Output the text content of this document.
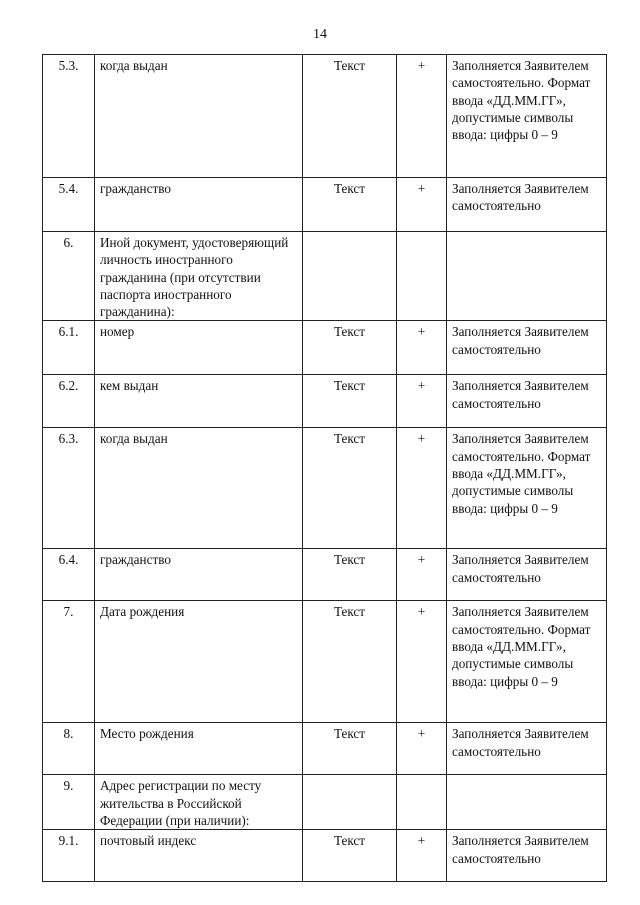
14
5.3.	когда выдан	Текст	+	Заполняется Заявителем самостоятельно. Формат ввода «ДД.ММ.ГГ», допустимые символы ввода: цифры 0 – 9
5.4.	гражданство	Текст	+	Заполняется Заявителем самостоятельно
6.	Иной документ, удостоверяющий личность иностранного гражданина (при отсутствии паспорта иностранного гражданина):			
6.1.	номер	Текст	+	Заполняется Заявителем самостоятельно
6.2.	кем выдан	Текст	+	Заполняется Заявителем самостоятельно
6.3.	когда выдан	Текст	+	Заполняется Заявителем самостоятельно. Формат ввода «ДД.ММ.ГГ», допустимые символы ввода: цифры 0 – 9
6.4.	гражданство	Текст	+	Заполняется Заявителем самостоятельно
7.	Дата рождения	Текст	+	Заполняется Заявителем самостоятельно. Формат ввода «ДД.ММ.ГГ», допустимые символы ввода: цифры 0 – 9
8.	Место рождения	Текст	+	Заполняется Заявителем самостоятельно
9.	Адрес регистрации по месту жительства в Российской Федерации (при наличии):			
9.1.	почтовый индекс	Текст	+	Заполняется Заявителем самостоятельно
